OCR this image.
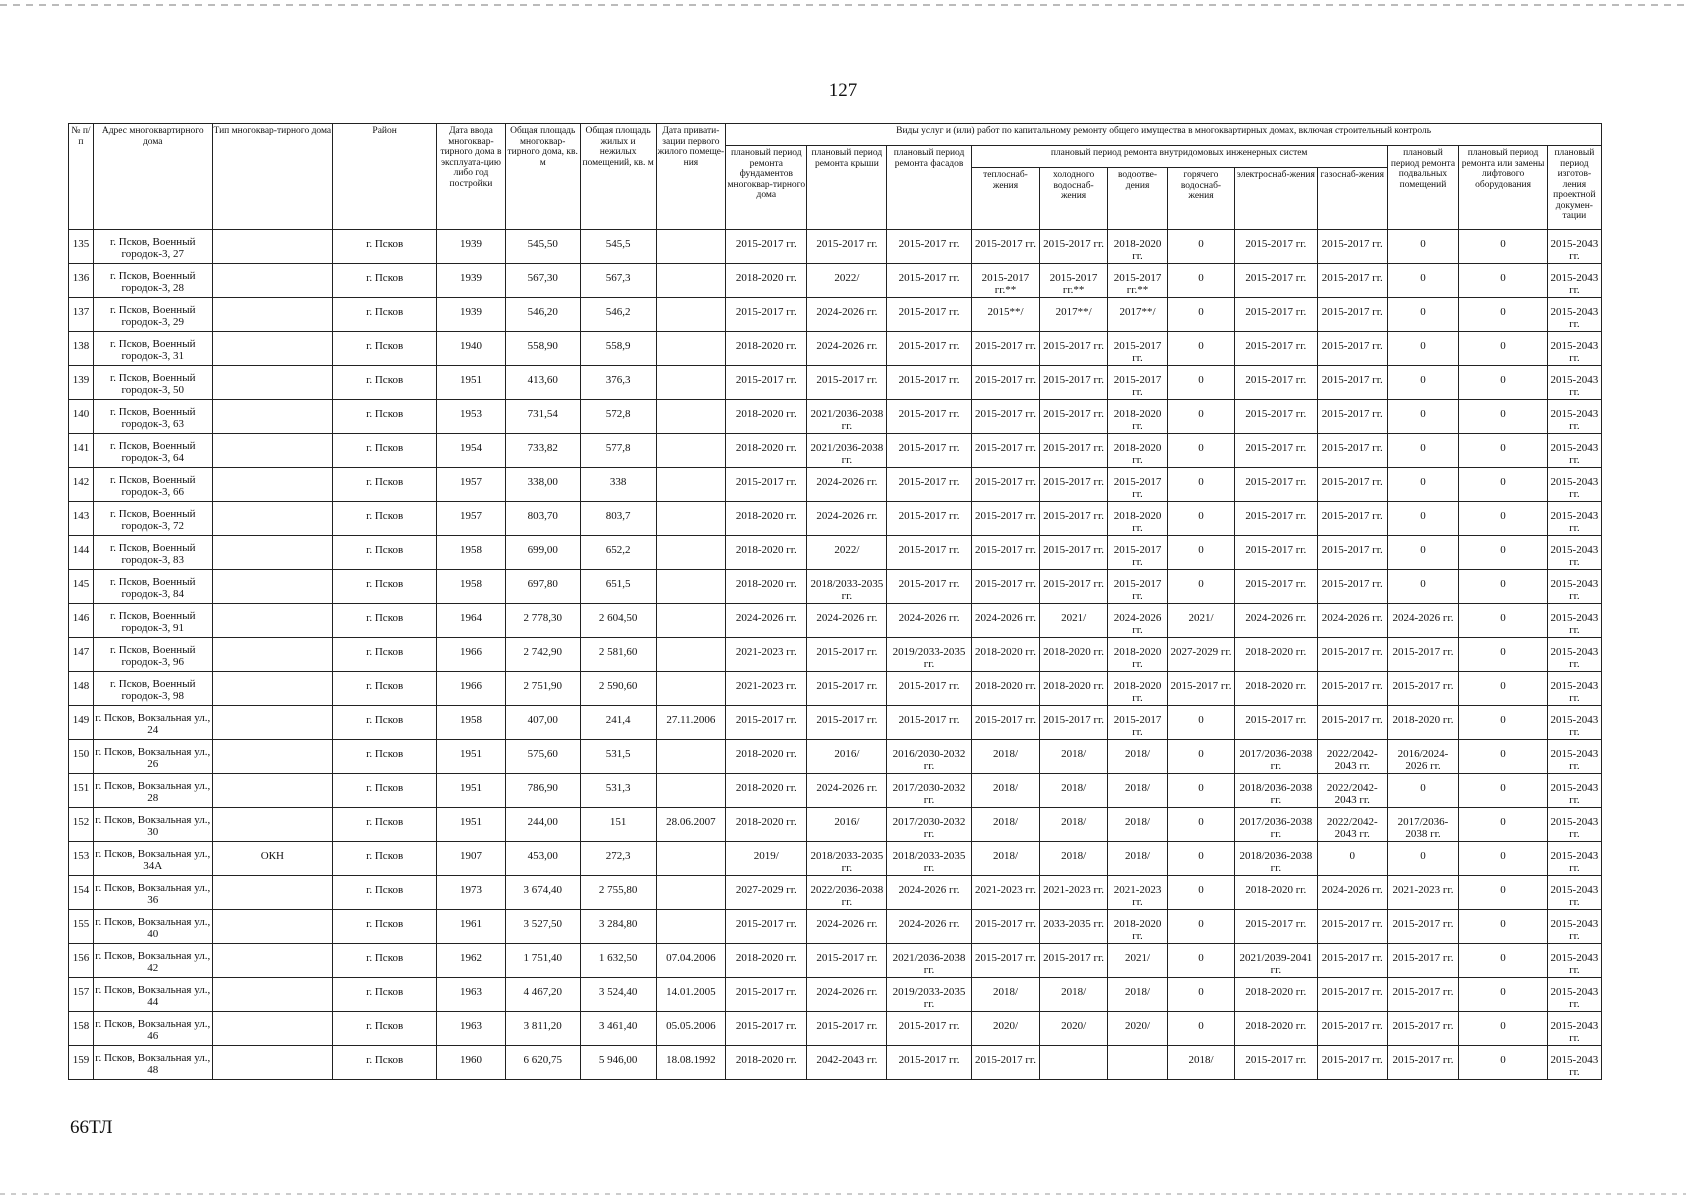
127
№ п/п	Адрес многоквартирного дома	Тип многоквар-тирного дома	Район	Дата ввода многоквар-тирного дома в эксплуата-цию либо год постройки	Общая площадь многоквар-тирного дома, кв. м	Общая площадь жилых и нежилых помещений, кв. м	Дата привати-зации первого жилого помеще-ния	Виды услуг и (или) работ по капитальному ремонту общего имущества в многоквартирных домах, включая строительный контроль											
								плановый период ремонта фундаментов многоквар-тирного дома	плановый период ремонта крыши	плановый период ремонта фасадов	плановый период ремонта внутридомовых инженерных систем						плановый период ремонта подвальных помещений	плановый период ремонта или замены лифтового оборудования	плановый период изготов-ления проектной докумен-тации
											теплоснаб-жения	холодного водоснаб-жения	водоотве-дения	горячего водоснаб-жения	электроснаб-жения	газоснаб-жения			
135	г. Псков, Военный городок-3, 27		г. Псков	1939	545,50	545,5		2015-2017 гг.	2015-2017 гг.	2015-2017 гг.	2015-2017 гг.	2015-2017 гг.	2018-2020 гг.	0	2015-2017 гг.	2015-2017 гг.	0	0	2015-2043 гг.
136	г. Псков, Военный городок-3, 28		г. Псков	1939	567,30	567,3		2018-2020 гг.	2022/	2015-2017 гг.	2015-2017 гг.**	2015-2017 гг.**	2015-2017 гг.**	0	2015-2017 гг.	2015-2017 гг.	0	0	2015-2043 гг.
137	г. Псков, Военный городок-3, 29		г. Псков	1939	546,20	546,2		2015-2017 гг.	2024-2026 гг.	2015-2017 гг.	2015**/	2017**/	2017**/	0	2015-2017 гг.	2015-2017 гг.	0	0	2015-2043 гг.
138	г. Псков, Военный городок-3, 31		г. Псков	1940	558,90	558,9		2018-2020 гг.	2024-2026 гг.	2015-2017 гг.	2015-2017 гг.	2015-2017 гг.	2015-2017 гг.	0	2015-2017 гг.	2015-2017 гг.	0	0	2015-2043 гг.
139	г. Псков, Военный городок-3, 50		г. Псков	1951	413,60	376,3		2015-2017 гг.	2015-2017 гг.	2015-2017 гг.	2015-2017 гг.	2015-2017 гг.	2015-2017 гг.	0	2015-2017 гг.	2015-2017 гг.	0	0	2015-2043 гг.
140	г. Псков, Военный городок-3, 63		г. Псков	1953	731,54	572,8		2018-2020 гг.	2021/2036-2038 гг.	2015-2017 гг.	2015-2017 гг.	2015-2017 гг.	2018-2020 гг.	0	2015-2017 гг.	2015-2017 гг.	0	0	2015-2043 гг.
141	г. Псков, Военный городок-3, 64		г. Псков	1954	733,82	577,8		2018-2020 гг.	2021/2036-2038 гг.	2015-2017 гг.	2015-2017 гг.	2015-2017 гг.	2018-2020 гг.	0	2015-2017 гг.	2015-2017 гг.	0	0	2015-2043 гг.
142	г. Псков, Военный городок-3, 66		г. Псков	1957	338,00	338		2015-2017 гг.	2024-2026 гг.	2015-2017 гг.	2015-2017 гг.	2015-2017 гг.	2015-2017 гг.	0	2015-2017 гг.	2015-2017 гг.	0	0	2015-2043 гг.
143	г. Псков, Военный городок-3, 72		г. Псков	1957	803,70	803,7		2018-2020 гг.	2024-2026 гг.	2015-2017 гг.	2015-2017 гг.	2015-2017 гг.	2018-2020 гг.	0	2015-2017 гг.	2015-2017 гг.	0	0	2015-2043 гг.
144	г. Псков, Военный городок-3, 83		г. Псков	1958	699,00	652,2		2018-2020 гг.	2022/	2015-2017 гг.	2015-2017 гг.	2015-2017 гг.	2015-2017 гг.	0	2015-2017 гг.	2015-2017 гг.	0	0	2015-2043 гг.
145	г. Псков, Военный городок-3, 84		г. Псков	1958	697,80	651,5		2018-2020 гг.	2018/2033-2035 гг.	2015-2017 гг.	2015-2017 гг.	2015-2017 гг.	2015-2017 гг.	0	2015-2017 гг.	2015-2017 гг.	0	0	2015-2043 гг.
146	г. Псков, Военный городок-3, 91		г. Псков	1964	2 778,30	2 604,50		2024-2026 гг.	2024-2026 гг.	2024-2026 гг.	2024-2026 гг.	2021/	2024-2026 гг.	2021/	2024-2026 гг.	2024-2026 гг.	2024-2026 гг.	0	2015-2043 гг.
147	г. Псков, Военный городок-3, 96		г. Псков	1966	2 742,90	2 581,60		2021-2023 гг.	2015-2017 гг.	2019/2033-2035 гг.	2018-2020 гг.	2018-2020 гг.	2018-2020 гг.	2027-2029 гг.	2018-2020 гг.	2015-2017 гг.	2015-2017 гг.	0	2015-2043 гг.
148	г. Псков, Военный городок-3, 98		г. Псков	1966	2 751,90	2 590,60		2021-2023 гг.	2015-2017 гг.	2015-2017 гг.	2018-2020 гг.	2018-2020 гг.	2018-2020 гг.	2015-2017 гг.	2018-2020 гг.	2015-2017 гг.	2015-2017 гг.	0	2015-2043 гг.
149	г. Псков, Вокзальная ул., 24		г. Псков	1958	407,00	241,4	27.11.2006	2015-2017 гг.	2015-2017 гг.	2015-2017 гг.	2015-2017 гг.	2015-2017 гг.	2015-2017 гг.	0	2015-2017 гг.	2015-2017 гг.	2018-2020 гг.	0	2015-2043 гг.
150	г. Псков, Вокзальная ул., 26		г. Псков	1951	575,60	531,5		2018-2020 гг.	2016/	2016/2030-2032 гг.	2018/	2018/	2018/	0	2017/2036-2038 гг.	2022/2042-2043 гг.	2016/2024-2026 гг.	0	2015-2043 гг.
151	г. Псков, Вокзальная ул., 28		г. Псков	1951	786,90	531,3		2018-2020 гг.	2024-2026 гг.	2017/2030-2032 гг.	2018/	2018/	2018/	0	2018/2036-2038 гг.	2022/2042-2043 гг.	0	0	2015-2043 гг.
152	г. Псков, Вокзальная ул., 30		г. Псков	1951	244,00	151	28.06.2007	2018-2020 гг.	2016/	2017/2030-2032 гг.	2018/	2018/	2018/	0	2017/2036-2038 гг.	2022/2042-2043 гг.	2017/2036-2038 гг.	0	2015-2043 гг.
153	г. Псков, Вокзальная ул., 34А	ОКН	г. Псков	1907	453,00	272,3		2019/	2018/2033-2035 гг.	2018/2033-2035 гг.	2018/	2018/	2018/	0	2018/2036-2038 гг.	0	0	0	2015-2043 гг.
154	г. Псков, Вокзальная ул., 36		г. Псков	1973	3 674,40	2 755,80		2027-2029 гг.	2022/2036-2038 гг.	2024-2026 гг.	2021-2023 гг.	2021-2023 гг.	2021-2023 гг.	0	2018-2020 гг.	2024-2026 гг.	2021-2023 гг.	0	2015-2043 гг.
155	г. Псков, Вокзальная ул., 40		г. Псков	1961	3 527,50	3 284,80		2015-2017 гг.	2024-2026 гг.	2024-2026 гг.	2015-2017 гг.	2033-2035 гг.	2018-2020 гг.	0	2015-2017 гг.	2015-2017 гг.	2015-2017 гг.	0	2015-2043 гг.
156	г. Псков, Вокзальная ул., 42		г. Псков	1962	1 751,40	1 632,50	07.04.2006	2018-2020 гг.	2015-2017 гг.	2021/2036-2038 гг.	2015-2017 гг.	2015-2017 гг.	2021/	0	2021/2039-2041 гг.	2015-2017 гг.	2015-2017 гг.	0	2015-2043 гг.
157	г. Псков, Вокзальная ул., 44		г. Псков	1963	4 467,20	3 524,40	14.01.2005	2015-2017 гг.	2024-2026 гг.	2019/2033-2035 гг.	2018/	2018/	2018/	0	2018-2020 гг.	2015-2017 гг.	2015-2017 гг.	0	2015-2043 гг.
158	г. Псков, Вокзальная ул., 46		г. Псков	1963	3 811,20	3 461,40	05.05.2006	2015-2017 гг.	2015-2017 гг.	2015-2017 гг.	2020/	2020/	2020/	0	2018-2020 гг.	2015-2017 гг.	2015-2017 гг.	0	2015-2043 гг.
159	г. Псков, Вокзальная ул., 48		г. Псков	1960	6 620,75	5 946,00	18.08.1992	2018-2020 гг.	2042-2043 гг.	2015-2017 гг.	2015-2017 гг.			2018/	2015-2017 гг.	2015-2017 гг.	2015-2017 гг.	0	2015-2043 гг.
66ТЛ
